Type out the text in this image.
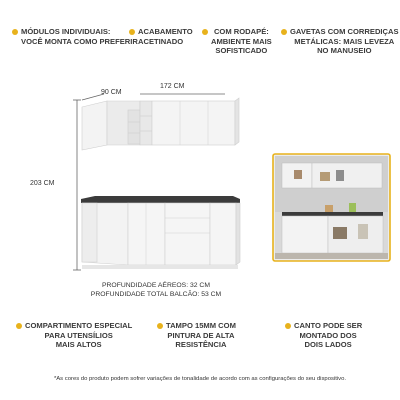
MÓDULOS INDIVIDUAIS:
VOCÊ MONTA COMO PREFERIR
ACABAMENTO
ACETINADO
COM RODAPÉ:
AMBIENTE MAIS
SOFISTICADO
GAVETAS COM CORREDIÇAS
METÁLICAS: MAIS LEVEZA
NO MANUSEIO
90 CM
172 CM
203 CM
PROFUNDIDADE AÉREOS: 32 CM
PROFUNDIDADE TOTAL BALCÃO: 53 CM
COMPARTIMENTO ESPECIAL
PARA UTENSÍLIOS
MAIS ALTOS
TAMPO 15MM COM
PINTURA DE ALTA
RESISTÊNCIA
CANTO PODE SER
MONTADO DOS
DOIS LADOS
*As cores do produto podem sofrer variações de tonalidade de acordo com as configurações do seu dispositivo.
